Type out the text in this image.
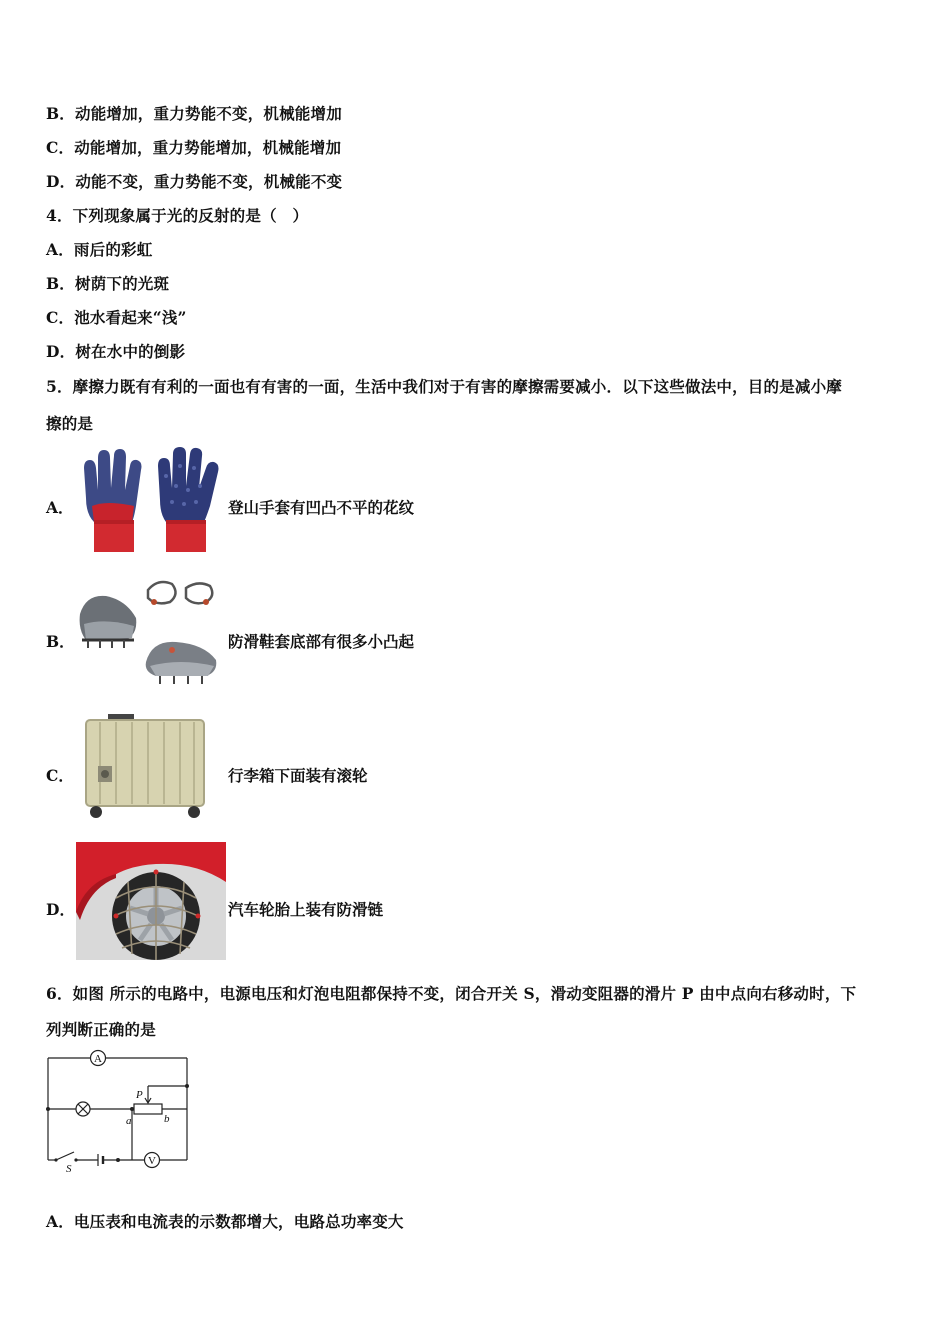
B．动能增加，重力势能不变，机械能增加
C．动能增加，重力势能增加，机械能增加
D．动能不变，重力势能不变，机械能不变
4．下列现象属于光的反射的是（　）
A．雨后的彩虹
B．树荫下的光斑
C．池水看起来“浅”
D．树在水中的倒影
5．摩擦力既有有利的一面也有有害的一面，生活中我们对于有害的摩擦需要减小．以下这些做法中，目的是减小摩
擦的是
A．	登山手套有凹凸不平的花纹
B．	防滑鞋套底部有很多小凸起
C．	行李箱下面装有滚轮
D．	汽车轮胎上装有防滑链
6．如图 所示的电路中，电源电压和灯泡电阻都保持不变，闭合开关 S，滑动变阻器的滑片 P 由中点向右移动时，下
列判断正确的是
A
V
P
a	b
S
A．电压表和电流表的示数都增大，电路总功率变大
